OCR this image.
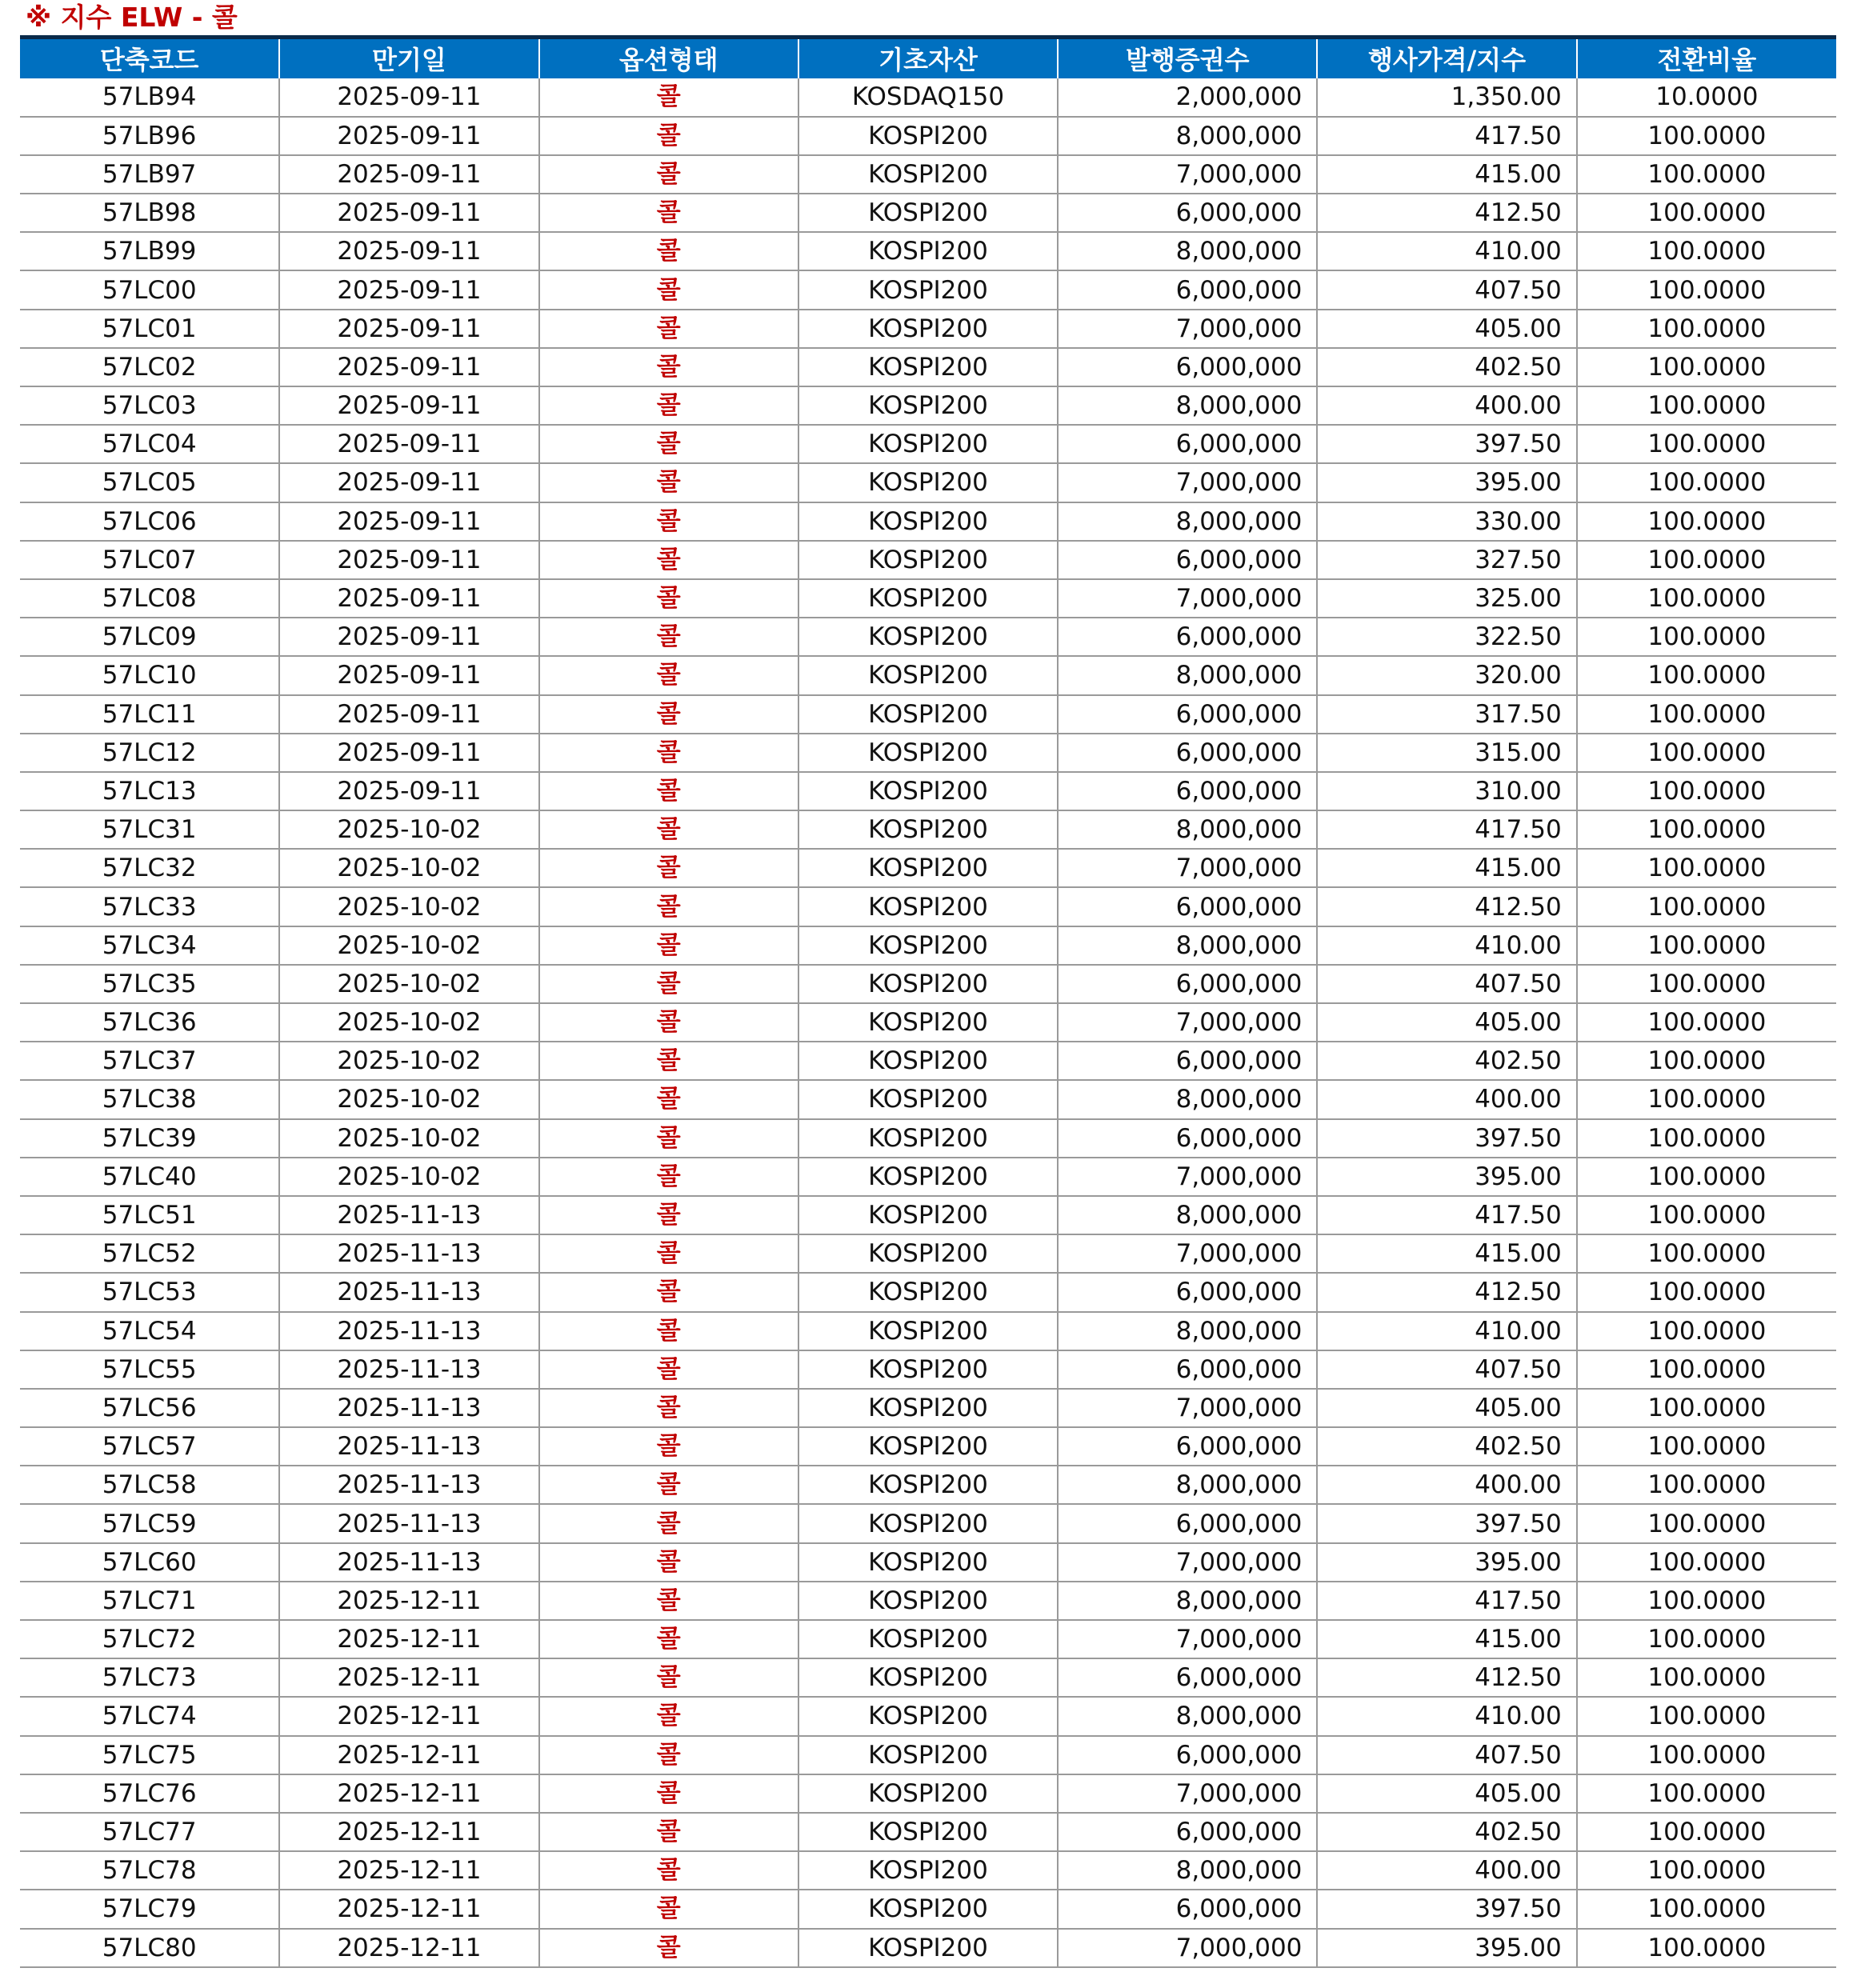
※ 지수 ELW - 콜
단축코드	만기일	옵션형태	기초자산	발행증권수	행사가격/지수	전환비율
57LB94	2025-09-11	콜	KOSDAQ150	2,000,000	1,350.00	10.0000
57LB96	2025-09-11	콜	KOSPI200	8,000,000	417.50	100.0000
57LB97	2025-09-11	콜	KOSPI200	7,000,000	415.00	100.0000
57LB98	2025-09-11	콜	KOSPI200	6,000,000	412.50	100.0000
57LB99	2025-09-11	콜	KOSPI200	8,000,000	410.00	100.0000
57LC00	2025-09-11	콜	KOSPI200	6,000,000	407.50	100.0000
57LC01	2025-09-11	콜	KOSPI200	7,000,000	405.00	100.0000
57LC02	2025-09-11	콜	KOSPI200	6,000,000	402.50	100.0000
57LC03	2025-09-11	콜	KOSPI200	8,000,000	400.00	100.0000
57LC04	2025-09-11	콜	KOSPI200	6,000,000	397.50	100.0000
57LC05	2025-09-11	콜	KOSPI200	7,000,000	395.00	100.0000
57LC06	2025-09-11	콜	KOSPI200	8,000,000	330.00	100.0000
57LC07	2025-09-11	콜	KOSPI200	6,000,000	327.50	100.0000
57LC08	2025-09-11	콜	KOSPI200	7,000,000	325.00	100.0000
57LC09	2025-09-11	콜	KOSPI200	6,000,000	322.50	100.0000
57LC10	2025-09-11	콜	KOSPI200	8,000,000	320.00	100.0000
57LC11	2025-09-11	콜	KOSPI200	6,000,000	317.50	100.0000
57LC12	2025-09-11	콜	KOSPI200	6,000,000	315.00	100.0000
57LC13	2025-09-11	콜	KOSPI200	6,000,000	310.00	100.0000
57LC31	2025-10-02	콜	KOSPI200	8,000,000	417.50	100.0000
57LC32	2025-10-02	콜	KOSPI200	7,000,000	415.00	100.0000
57LC33	2025-10-02	콜	KOSPI200	6,000,000	412.50	100.0000
57LC34	2025-10-02	콜	KOSPI200	8,000,000	410.00	100.0000
57LC35	2025-10-02	콜	KOSPI200	6,000,000	407.50	100.0000
57LC36	2025-10-02	콜	KOSPI200	7,000,000	405.00	100.0000
57LC37	2025-10-02	콜	KOSPI200	6,000,000	402.50	100.0000
57LC38	2025-10-02	콜	KOSPI200	8,000,000	400.00	100.0000
57LC39	2025-10-02	콜	KOSPI200	6,000,000	397.50	100.0000
57LC40	2025-10-02	콜	KOSPI200	7,000,000	395.00	100.0000
57LC51	2025-11-13	콜	KOSPI200	8,000,000	417.50	100.0000
57LC52	2025-11-13	콜	KOSPI200	7,000,000	415.00	100.0000
57LC53	2025-11-13	콜	KOSPI200	6,000,000	412.50	100.0000
57LC54	2025-11-13	콜	KOSPI200	8,000,000	410.00	100.0000
57LC55	2025-11-13	콜	KOSPI200	6,000,000	407.50	100.0000
57LC56	2025-11-13	콜	KOSPI200	7,000,000	405.00	100.0000
57LC57	2025-11-13	콜	KOSPI200	6,000,000	402.50	100.0000
57LC58	2025-11-13	콜	KOSPI200	8,000,000	400.00	100.0000
57LC59	2025-11-13	콜	KOSPI200	6,000,000	397.50	100.0000
57LC60	2025-11-13	콜	KOSPI200	7,000,000	395.00	100.0000
57LC71	2025-12-11	콜	KOSPI200	8,000,000	417.50	100.0000
57LC72	2025-12-11	콜	KOSPI200	7,000,000	415.00	100.0000
57LC73	2025-12-11	콜	KOSPI200	6,000,000	412.50	100.0000
57LC74	2025-12-11	콜	KOSPI200	8,000,000	410.00	100.0000
57LC75	2025-12-11	콜	KOSPI200	6,000,000	407.50	100.0000
57LC76	2025-12-11	콜	KOSPI200	7,000,000	405.00	100.0000
57LC77	2025-12-11	콜	KOSPI200	6,000,000	402.50	100.0000
57LC78	2025-12-11	콜	KOSPI200	8,000,000	400.00	100.0000
57LC79	2025-12-11	콜	KOSPI200	6,000,000	397.50	100.0000
57LC80	2025-12-11	콜	KOSPI200	7,000,000	395.00	100.0000
